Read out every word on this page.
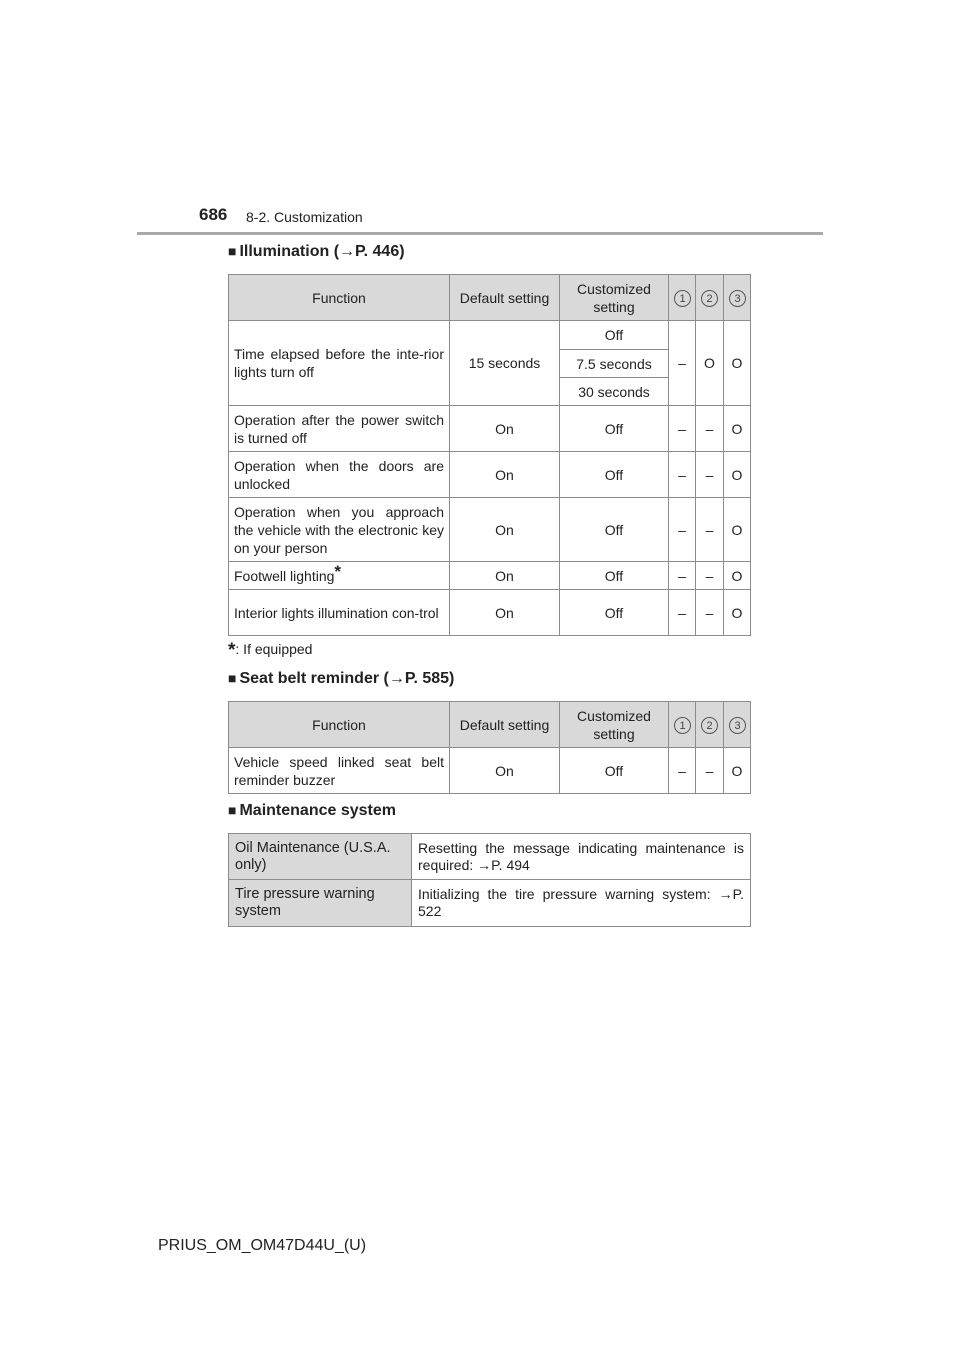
686 8-2. Customization
■ Illumination (→P. 446)
Function	Default setting	Customized setting	1	2	3
Time elapsed before the inte-rior lights turn off	15 seconds	Off	–	O	O
		7.5 seconds			
		30 seconds			
Operation after the power switch is turned off	On	Off	–	–	O
Operation when the doors are unlocked	On	Off	–	–	O
Operation when you approach the vehicle with the electronic key on your person	On	Off	–	–	O
Footwell lighting*	On	Off	–	–	O
Interior lights illumination con-trol	On	Off	–	–	O
*: If equipped
■ Seat belt reminder (→P. 585)
Function	Default setting	Customized setting	1	2	3
Vehicle speed linked seat belt reminder buzzer	On	Off	–	–	O
■ Maintenance system
Oil Maintenance (U.S.A. only)	Resetting the message indicating maintenance is required: →P. 494
Tire pressure warning system	Initializing the tire pressure warning system: →P. 522
PRIUS_OM_OM47D44U_(U)
